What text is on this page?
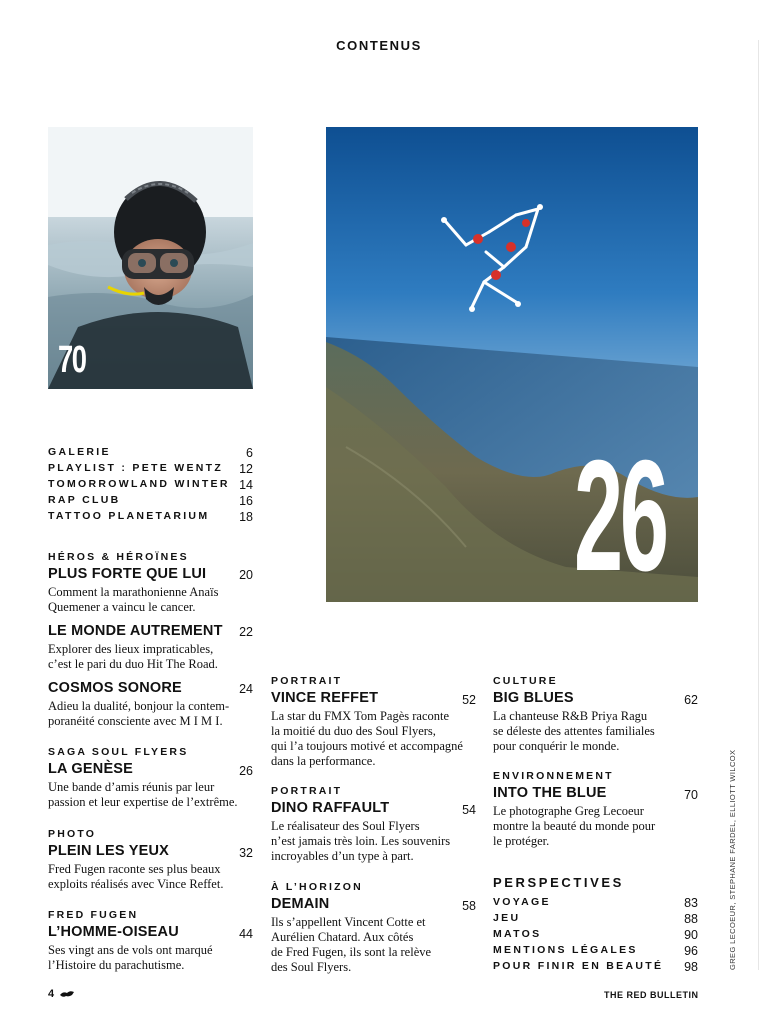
CONTENUS
70
26
GALERIE	6
PLAYLIST : PETE WENTZ 12
TOMORROWLAND WINTER 14
RAP CLUB	16
TATTOO PLANETARIUM 18
HÉROS & HÉROÏNES
PLUS FORTE QUE LUI	20
Comment la marathonienne Anaïs
Quemener a vaincu le cancer.
LE MONDE AUTREMENT	22
Explorer des lieux impraticables,
c’est le pari du duo Hit The Road.
COSMOS SONORE	24
Adieu la dualité, bonjour la contem-
poranéité consciente avec M I M I.
SAGA SOUL FLYERS
LA GENÈSE	26
Une bande d’amis réunis par leur
passion et leur expertise de l’extrême.
PHOTO
PLEIN LES YEUX	32
Fred Fugen raconte ses plus beaux
exploits réalisés avec Vince Reffet.
FRED FUGEN
L’HOMME-OISEAU	44
Ses vingt ans de vols ont marqué
l’Histoire du parachutisme.
PORTRAIT
VINCE REFFET	52
La star du FMX Tom Pagès raconte
la moitié du duo des Soul Flyers,
qui l’a toujours motivé et accompagné
dans la performance.
PORTRAIT
DINO RAFFAULT	54
Le réalisateur des Soul Flyers
n’est jamais très loin. Les souvenirs
incroyables d’un type à part.
À L’HORIZON
DEMAIN	58
Ils s’appellent Vincent Cotte et
Aurélien Chatard. Aux côtés
de Fred Fugen, ils sont la relève
des Soul Flyers.
CULTURE
BIG BLUES	62
La chanteuse R&B Priya Ragu
se déleste des attentes familiales
pour conquérir le monde.
ENVIRONNEMENT
INTO THE BLUE	70
Le photographe Greg Lecoeur
montre la beauté du monde pour
le protéger.
PERSPECTIVES
VOYAGE	83
JEU	88
MATOS	90
MENTIONS LÉGALES	96
POUR FINIR EN BEAUTÉ 98	GREG LECOEUR, STEPHANE FARDEL, ELLIOTT WILCOX
4	THE RED BULLETIN
